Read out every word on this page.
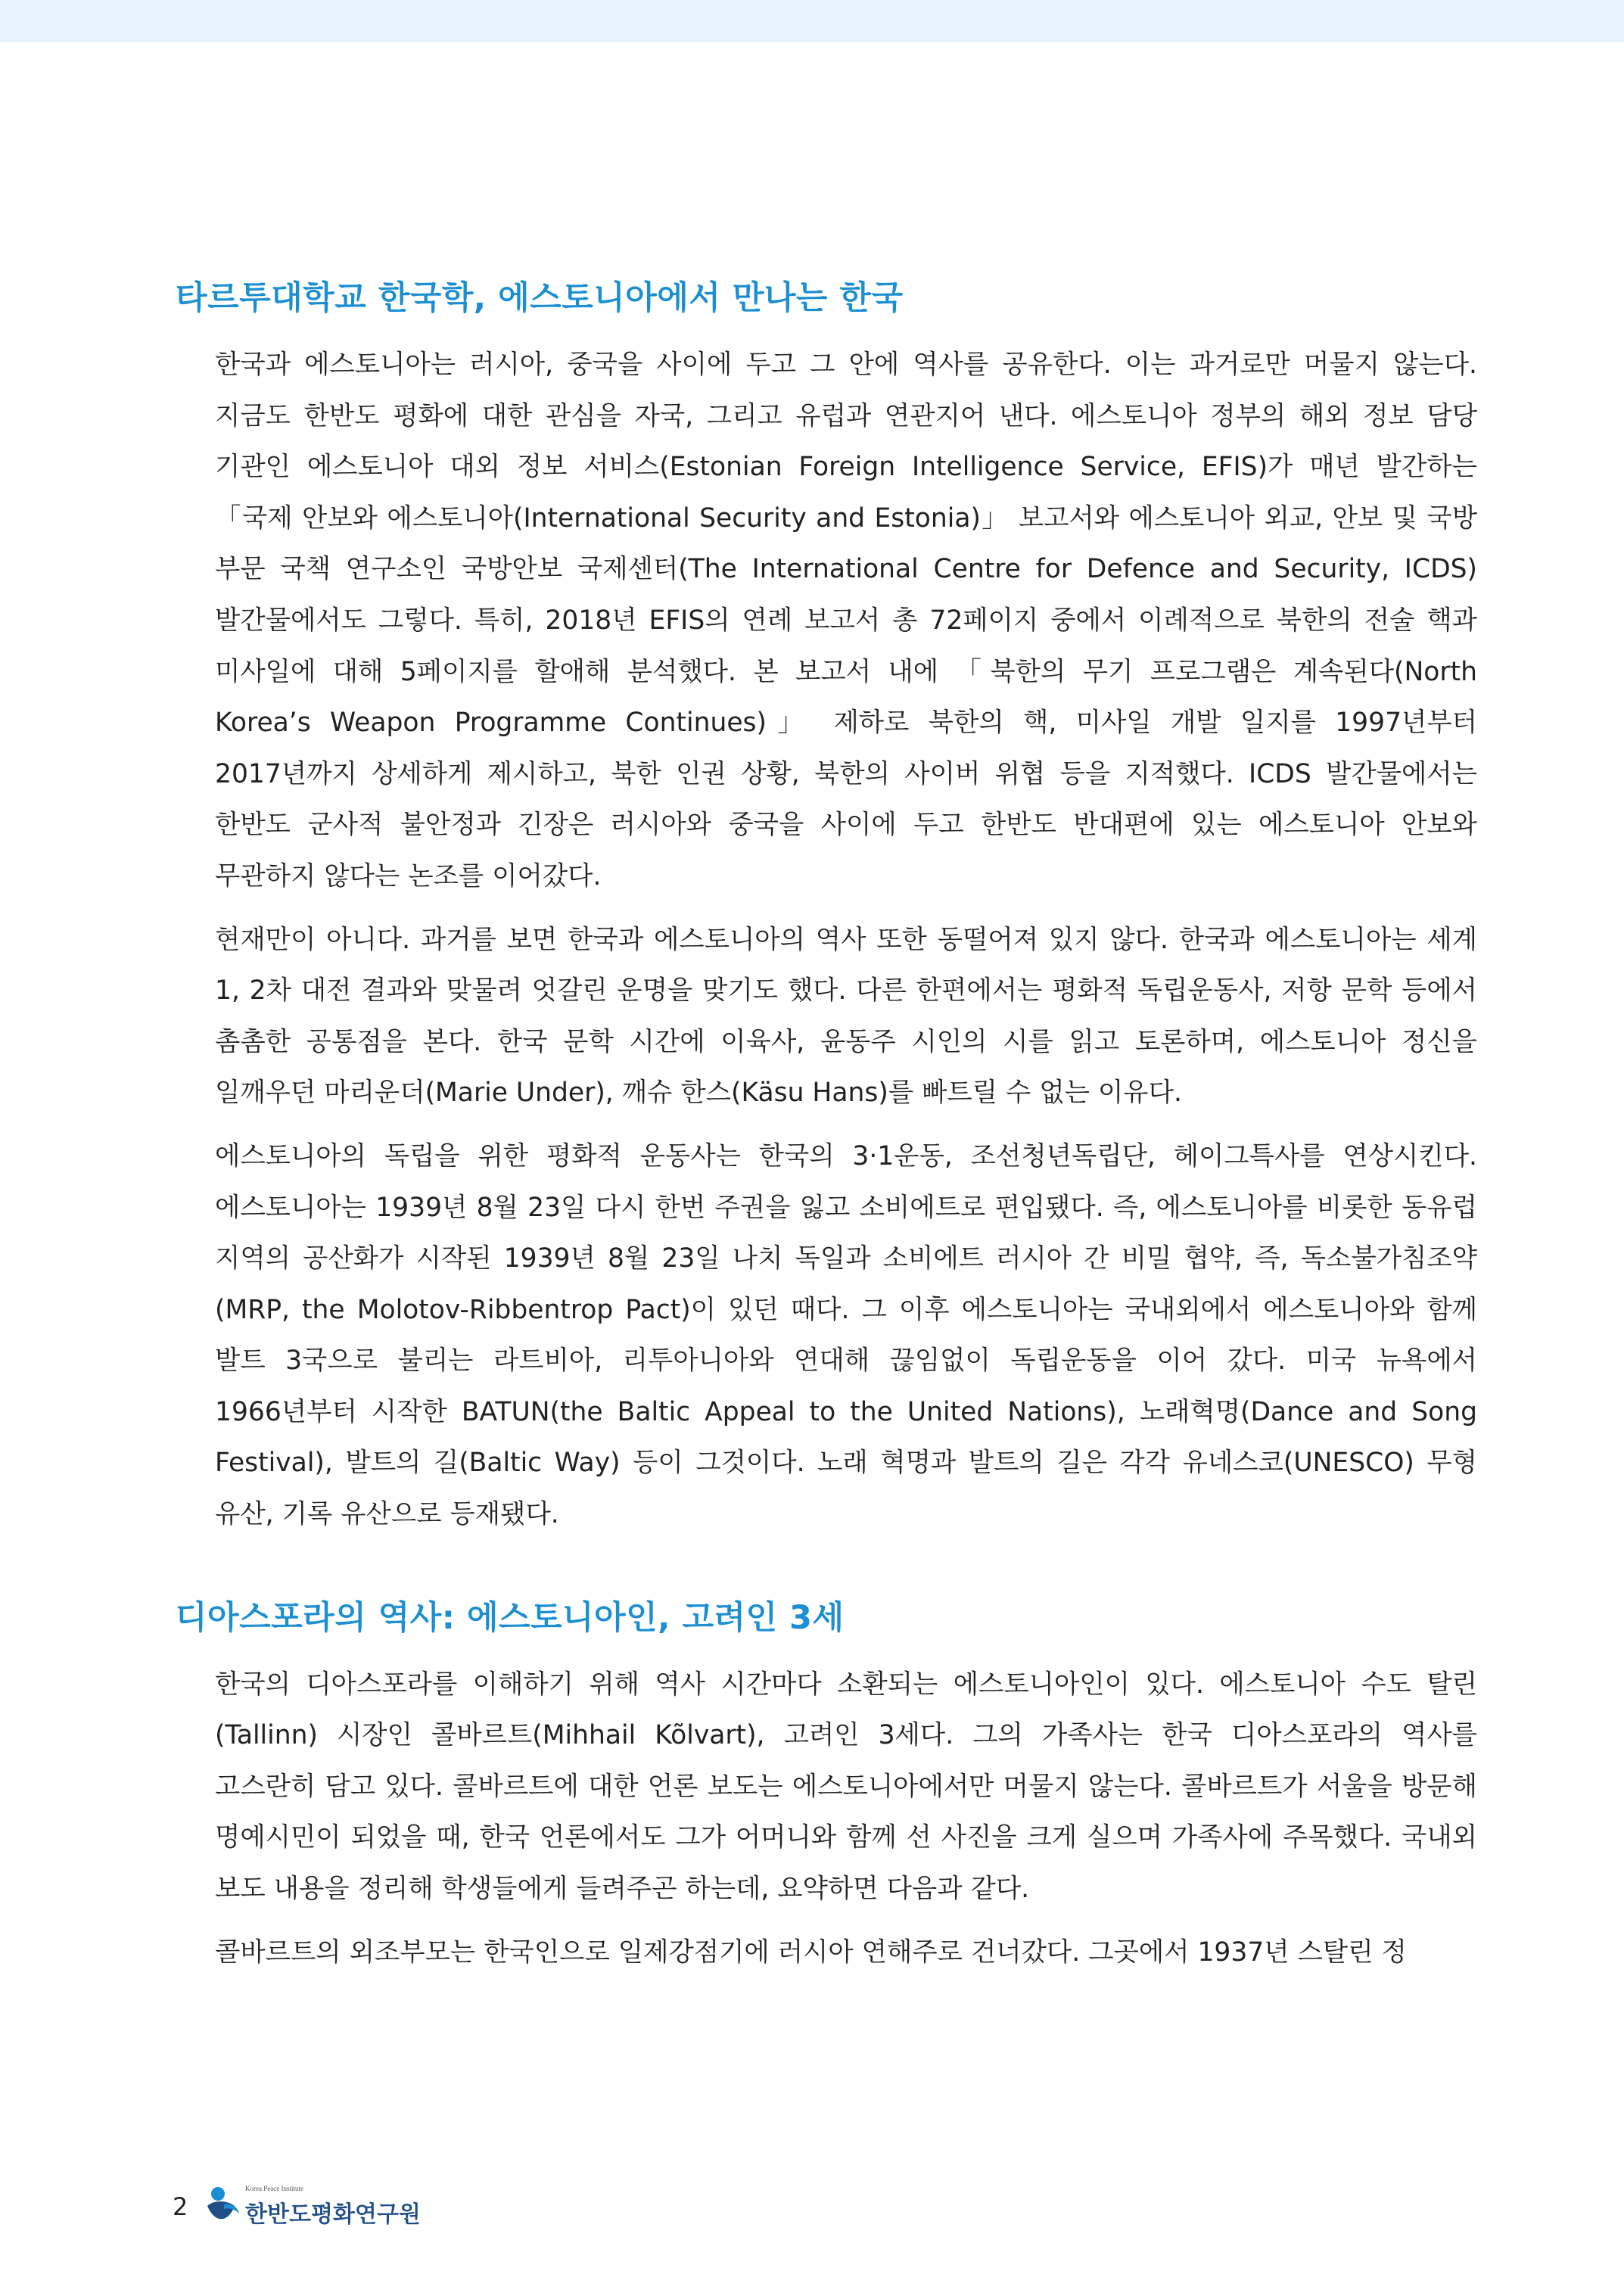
타르투대학교 한국학, 에스토니아에서 만나는 한국

한국과 에스토니아는 러시아, 중국을 사이에 두고 그 안에 역사를 공유한다. 이는 과거로만 머물지 않는다. 지금도 한반도 평화에 대한 관심을 자국, 그리고 유럽과 연관지어 낸다. 에스토니아 정부의 해외 정보 담당 기관인 에스토니아 대외 정보 서비스(Estonian Foreign Intelligence Service, EFIS)가 매년 발간하는 「국제 안보와 에스토니아(International Security and Estonia)」 보고서와 에스토니아 외교, 안보 및 국방 부문 국책 연구소인 국방안보 국제센터(The International Centre for Defence and Security, ICDS) 발간물에서도 그렇다. 특히, 2018년 EFIS의 연례 보고서 총 72페이지 중에서 이례적으로 북한의 전술 핵과 미사일에 대해 5페이지를 할애해 분석했다. 본 보고서 내에 「북한의 무기 프로그램은 계속된다(North Korea’s Weapon Programme Continues)」 제하로 북한의 핵, 미사일 개발 일지를 1997년부터 2017년까지 상세하게 제시하고, 북한 인권 상황, 북한의 사이버 위협 등을 지적했다. ICDS 발간물에서는 한반도 군사적 불안정과 긴장은 러시아와 중국을 사이에 두고 한반도 반대편에 있는 에스토니아 안보와 무관하지 않다는 논조를 이어갔다.

현재만이 아니다. 과거를 보면 한국과 에스토니아의 역사 또한 동떨어져 있지 않다. 한국과 에스토니아는 세계 1, 2차 대전 결과와 맞물려 엇갈린 운명을 맞기도 했다. 다른 한편에서는 평화적 독립운동사, 저항 문학 등에서 촘촘한 공통점을 본다. 한국 문학 시간에 이육사, 윤동주 시인의 시를 읽고 토론하며, 에스토니아 정신을 일깨우던 마리운더(Marie Under), 깨슈 한스(Käsu Hans)를 빠트릴 수 없는 이유다.

에스토니아의 독립을 위한 평화적 운동사는 한국의 3·1운동, 조선청년독립단, 헤이그특사를 연상시킨다. 에스토니아는 1939년 8월 23일 다시 한번 주권을 잃고 소비에트로 편입됐다. 즉, 에스토니아를 비롯한 동유럽 지역의 공산화가 시작된 1939년 8월 23일 나치 독일과 소비에트 러시아 간 비밀 협약, 즉, 독소불가침조약(MRP, the Molotov-Ribbentrop Pact)이 있던 때다. 그 이후 에스토니아는 국내외에서 에스토니아와 함께 발트 3국으로 불리는 라트비아, 리투아니아와 연대해 끊임없이 독립운동을 이어 갔다. 미국 뉴욕에서 1966년부터 시작한 BATUN(the Baltic Appeal to the United Nations), 노래혁명(Dance and Song Festival), 발트의 길(Baltic Way) 등이 그것이다. 노래 혁명과 발트의 길은 각각 유네스코(UNESCO) 무형 유산, 기록 유산으로 등재됐다.

디아스포라의 역사: 에스토니아인, 고려인 3세

한국의 디아스포라를 이해하기 위해 역사 시간마다 소환되는 에스토니아인이 있다. 에스토니아 수도 탈린(Tallinn) 시장인 콜바르트(Mihhail Kõlvart), 고려인 3세다. 그의 가족사는 한국 디아스포라의 역사를 고스란히 담고 있다. 콜바르트에 대한 언론 보도는 에스토니아에서만 머물지 않는다. 콜바르트가 서울을 방문해 명예시민이 되었을 때, 한국 언론에서도 그가 어머니와 함께 선 사진을 크게 실으며 가족사에 주목했다. 국내외 보도 내용을 정리해 학생들에게 들려주곤 하는데, 요약하면 다음과 같다.

콜바르트의 외조부모는 한국인으로 일제강점기에 러시아 연해주로 건너갔다. 그곳에서 1937년 스탈린 정

2
Korea Peace Institute
한반도평화연구원
